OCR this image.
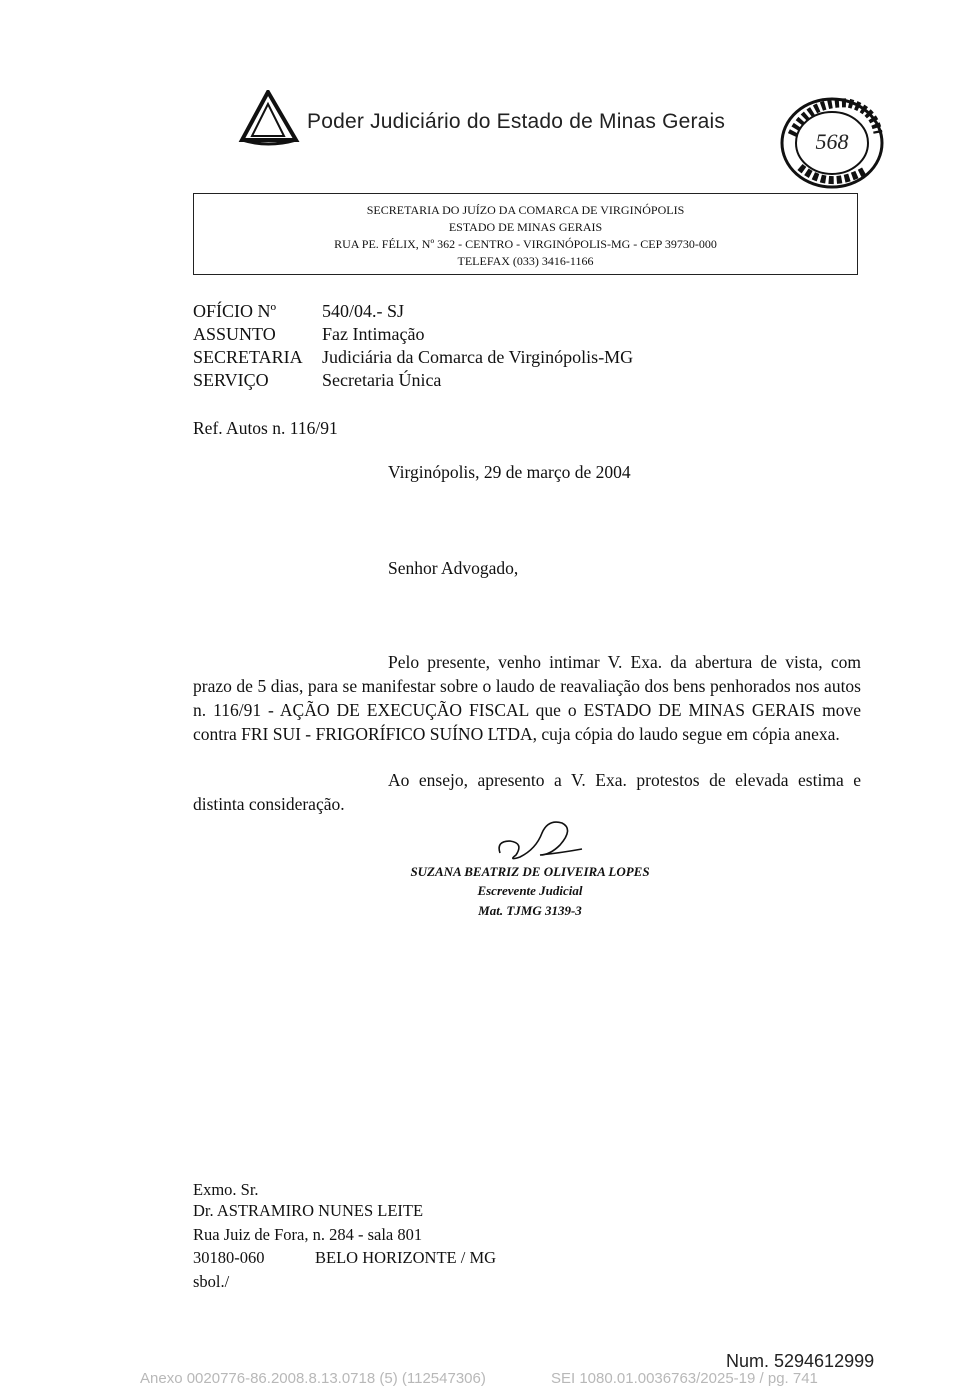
Poder Judiciário do Estado de Minas Gerais
568
SECRETARIA DO JUÍZO DA COMARCA DE VIRGINÓPOLIS
ESTADO DE MINAS GERAIS
RUA PE. FÉLIX, Nº 362 - CENTRO - VIRGINÓPOLIS-MG - CEP 39730-000
TELEFAX (033) 3416-1166
OFÍCIO Nº	540/04.- SJ
ASSUNTO	Faz Intimação
SECRETARIA Judiciária da Comarca de Virginópolis-MG
SERVIÇO	Secretaria Única
Ref. Autos n. 116/91
Virginópolis, 29 de março de 2004
Senhor Advogado,
Pelo presente, venho intimar V. Exa. da abertura de vista, com prazo de 5 dias, para se manifestar sobre o laudo de reavaliação dos bens penhorados nos autos n. 116/91 - AÇÃO DE EXECUÇÃO FISCAL que o ESTADO DE MINAS GERAIS move contra FRI SUI - FRIGORÍFICO SUÍNO LTDA, cuja cópia do laudo segue em cópia anexa.
Ao ensejo, apresento a V. Exa. protestos de elevada estima e distinta consideração.
SUZANA BEATRIZ DE OLIVEIRA LOPES
Escrevente Judicial
Mat. TJMG 3139-3
Exmo. Sr.
Dr. ASTRAMIRO NUNES LEITE
Rua Juiz de Fora, n. 284 - sala 801
30180-060	BELO HORIZONTE / MG
sbol./
Num. 5294612999
Anexo 0020776-86.2008.8.13.0718 (5) (112547306)	SEI 1080.01.0036763/2025-19 / pg. 741
